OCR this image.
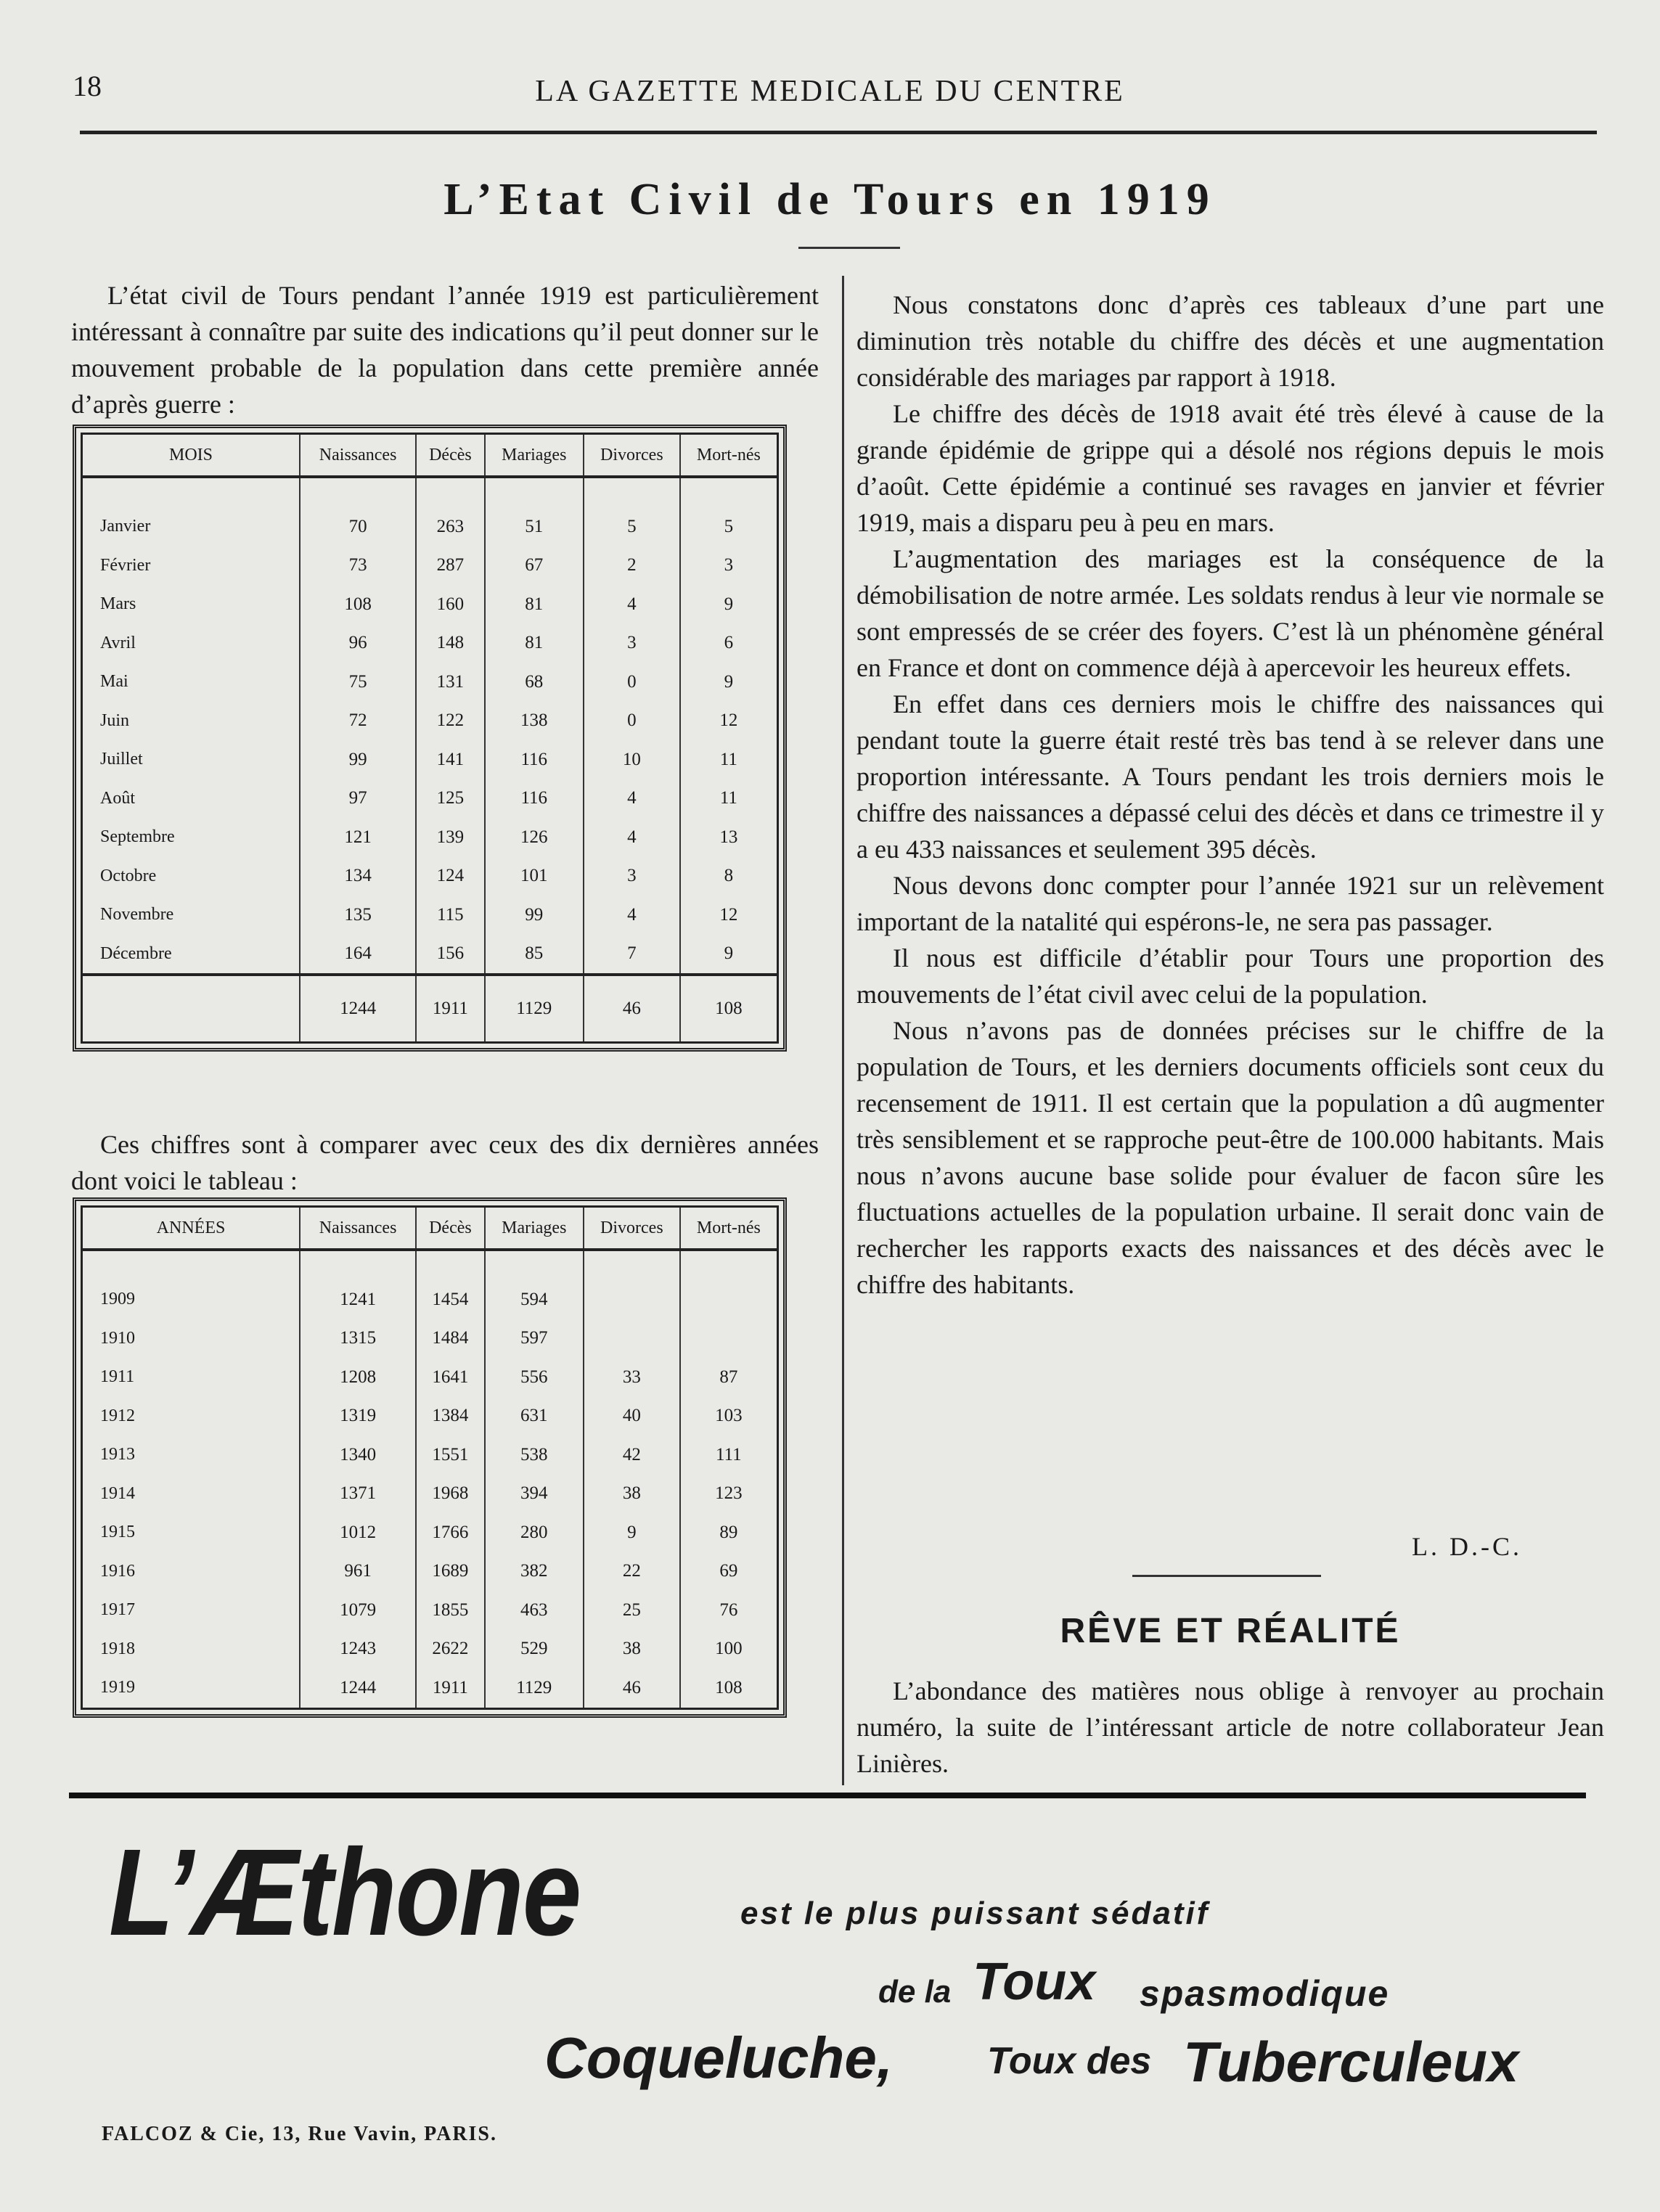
18	LA GAZETTE MEDICALE DU CENTRE
L’Etat Civil de Tours en 1919

L’état civil de Tours pendant l’année 1919 est particulièrement intéressant à connaître par suite des indications qu’il peut donner sur le mouvement probable de la population dans cette première année d’après guerre :

MOIS	Naissances	Décès	Mariages	Divorces	Mort-nés

Janvier	70	263	51	5	5
Février	73	287	67	2	3
Mars	108	160	81	4	9
Avril	96	148	81	3	6
Mai	75	131	68	0	9
Juin	72	122	138	0	12
Juillet	99	141	116	10	11
Août	97	125	116	4	11
Septembre	121	139	126	4	13
Octobre	134	124	101	3	8
Novembre	135	115	99	4	12
Décembre	164	156	85	7	9
	1244	1911	1129	46	108

Ces chiffres sont à comparer avec ceux des dix dernières années dont voici le tableau :

ANNÉES	Naissances	Décès	Mariages	Divorces	Mort-nés

1909	1241	1454	594		
1910	1315	1484	597		
1911	1208	1641	556	33	87
1912	1319	1384	631	40	103
1913	1340	1551	538	42	111
1914	1371	1968	394	38	123
1915	1012	1766	280	9	89
1916	961	1689	382	22	69
1917	1079	1855	463	25	76
1918	1243	2622	529	38	100
1919	1244	1911	1129	46	108

Nous constatons donc d’après ces tableaux d’une part une diminution très notable du chiffre des décès et une augmentation considérable des mariages par rapport à 1918.

Le chiffre des décès de 1918 avait été très élevé à cause de la grande épidémie de grippe qui a désolé nos régions depuis le mois d’août. Cette épidémie a continué ses ravages en janvier et février 1919, mais a disparu peu à peu en mars.

L’augmentation des mariages est la conséquence de la démobilisation de notre armée. Les soldats rendus à leur vie normale se sont empressés de se créer des foyers. C’est là un phénomène général en France et dont on commence déjà à apercevoir les heureux effets.

En effet dans ces derniers mois le chiffre des naissances qui pendant toute la guerre était resté très bas tend à se relever dans une proportion intéressante. A Tours pendant les trois derniers mois le chiffre des naissances a dépassé celui des décès et dans ce trimestre il y a eu 433 naissances et seulement 395 décès.

Nous devons donc compter pour l’année 1921 sur un relèvement important de la natalité qui espérons-le, ne sera pas passager.

Il nous est difficile d’établir pour Tours une proportion des mouvements de l’état civil avec celui de la population.

Nous n’avons pas de données précises sur le chiffre de la population de Tours, et les derniers documents officiels sont ceux du recensement de 1911. Il est certain que la population a dû augmenter très sensiblement et se rapproche peut-être de 100.000 habitants. Mais nous n’avons aucune base solide pour évaluer de facon sûre les fluctuations actuelles de la population urbaine. Il serait donc vain de rechercher les rapports exacts des naissances et des décès avec le chiffre des habitants.

L. D.-C.
RÊVE ET RÉALITÉ

L’abondance des matières nous oblige à renvoyer au prochain numéro, la suite de l’intéressant article de notre collaborateur Jean Linières.

L’Æthone	est le plus puissant sédatif
de la Toux spasmodique
Coqueluche, Toux des Tuberculeux
FALCOZ & Cie, 13, Rue Vavin, PARIS.
